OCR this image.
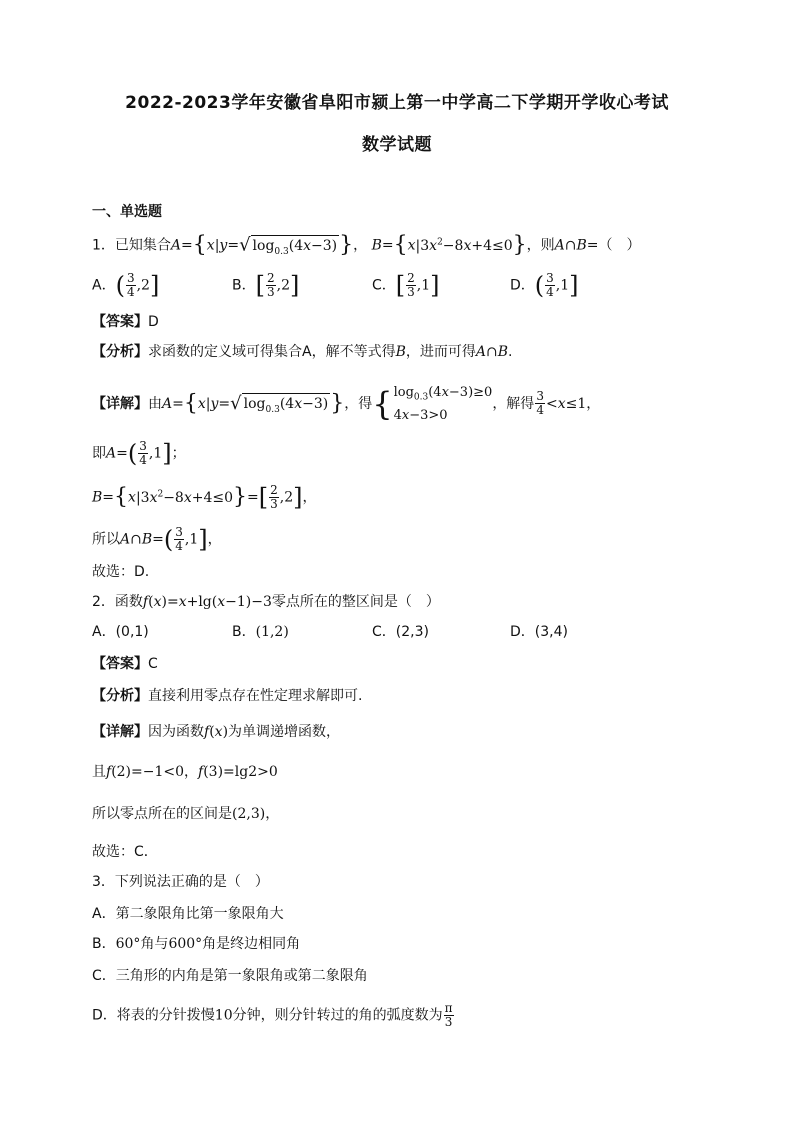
2022-2023学年安徽省阜阳市颍上第一中学高二下学期开学收心考试
数学试题
一、单选题
1．已知集合A={x|y=√ $\log_{0.3}(4x-3)$}， $B=\{x|3x^2-8x+4\le 0\}$，则A∩B=（　）
A．( $\frac{3}{4} ,2$]	B．[ $\frac{2}{3} ,2$]	C．[ $\frac{2}{3} ,1$]	D．( $\frac{3}{4} ,1$]
【答案】D
【分析】求函数的定义域可得集合A，解不等式得B，进而可得A∩B.
【详解】由A={x|y=√ $\log_{0.3}(4x-3)$}，得{ $\log_{0.3}(4x-3)\ge 0$
4x−3>0
，解得 $\frac{3}{4} <x\le 1$，
即$A=( \frac{3}{4} ,1]$；
$B=\{x|3x^2-8x+4\le 0\}=[ \frac{2}{3} ,2]$，
所以A∩B=( $\frac{3}{4} ,1$]，
故选：D.
2．函数f(x)=x+lg(x−1)−3零点所在的整区间是（　）
A．(0,1)	B．(1,2)	C．(2,3)	D．(3,4)
【答案】C
【分析】直接利用零点存在性定理求解即可.
【详解】因为函数f(x)为单调递增函数，
且f(2)=−1<0，f(3)=lg2>0
所以零点所在的区间是(2,3)，
故选：C．
3．下列说法正确的是（　）
A．第二象限角比第一象限角大
B．60°角与600°角是终边相同角
C．三角形的内角是第一象限角或第二象限角
D．将表的分针拨慢10分钟，则分针转过的角的弧度数为 $\frac{\pi}{3}$
